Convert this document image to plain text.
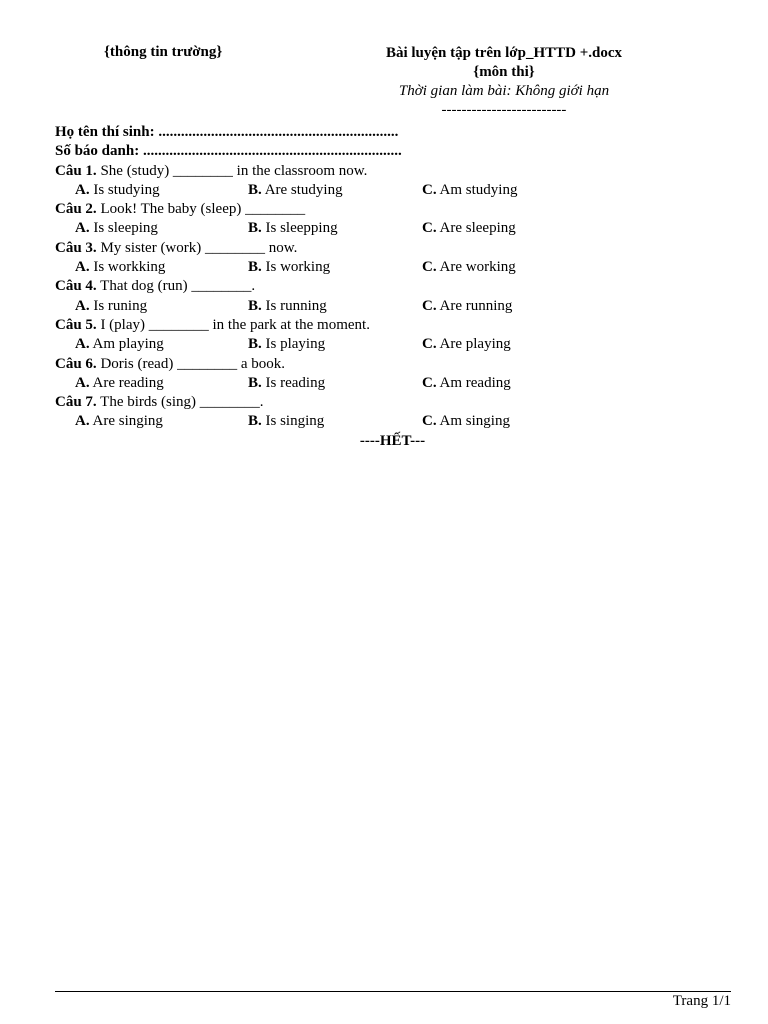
{thông tin trường}	Bài luyện tập trên lớp_HTTD +.docx
{môn thi}
Thời gian làm bài: Không giới hạn
-------------------------
Họ tên thí sinh: ................................................................
Số báo danh: .....................................................................
Câu 1. She (study) ________ in the classroom now.
A. Is studying	B. Are studying	C. Am studying
Câu 2. Look! The baby (sleep) ________
A. Is sleeping	B. Is sleepping	C. Are sleeping
Câu 3. My sister (work) ________ now.
A. Is workking	B. Is working	C. Are working
Câu 4. That dog (run) ________.
A. Is runing	B. Is running	C. Are running
Câu 5. I (play) ________ in the park at the moment.
A. Am playing	B. Is playing	C. Are playing
Câu 6. Doris (read) ________ a book.
A. Are reading	B. Is reading	C. Am reading
Câu 7. The birds (sing) ________.
A. Are singing	B. Is singing	C. Am singing
----HẾT---
Trang 1/1
